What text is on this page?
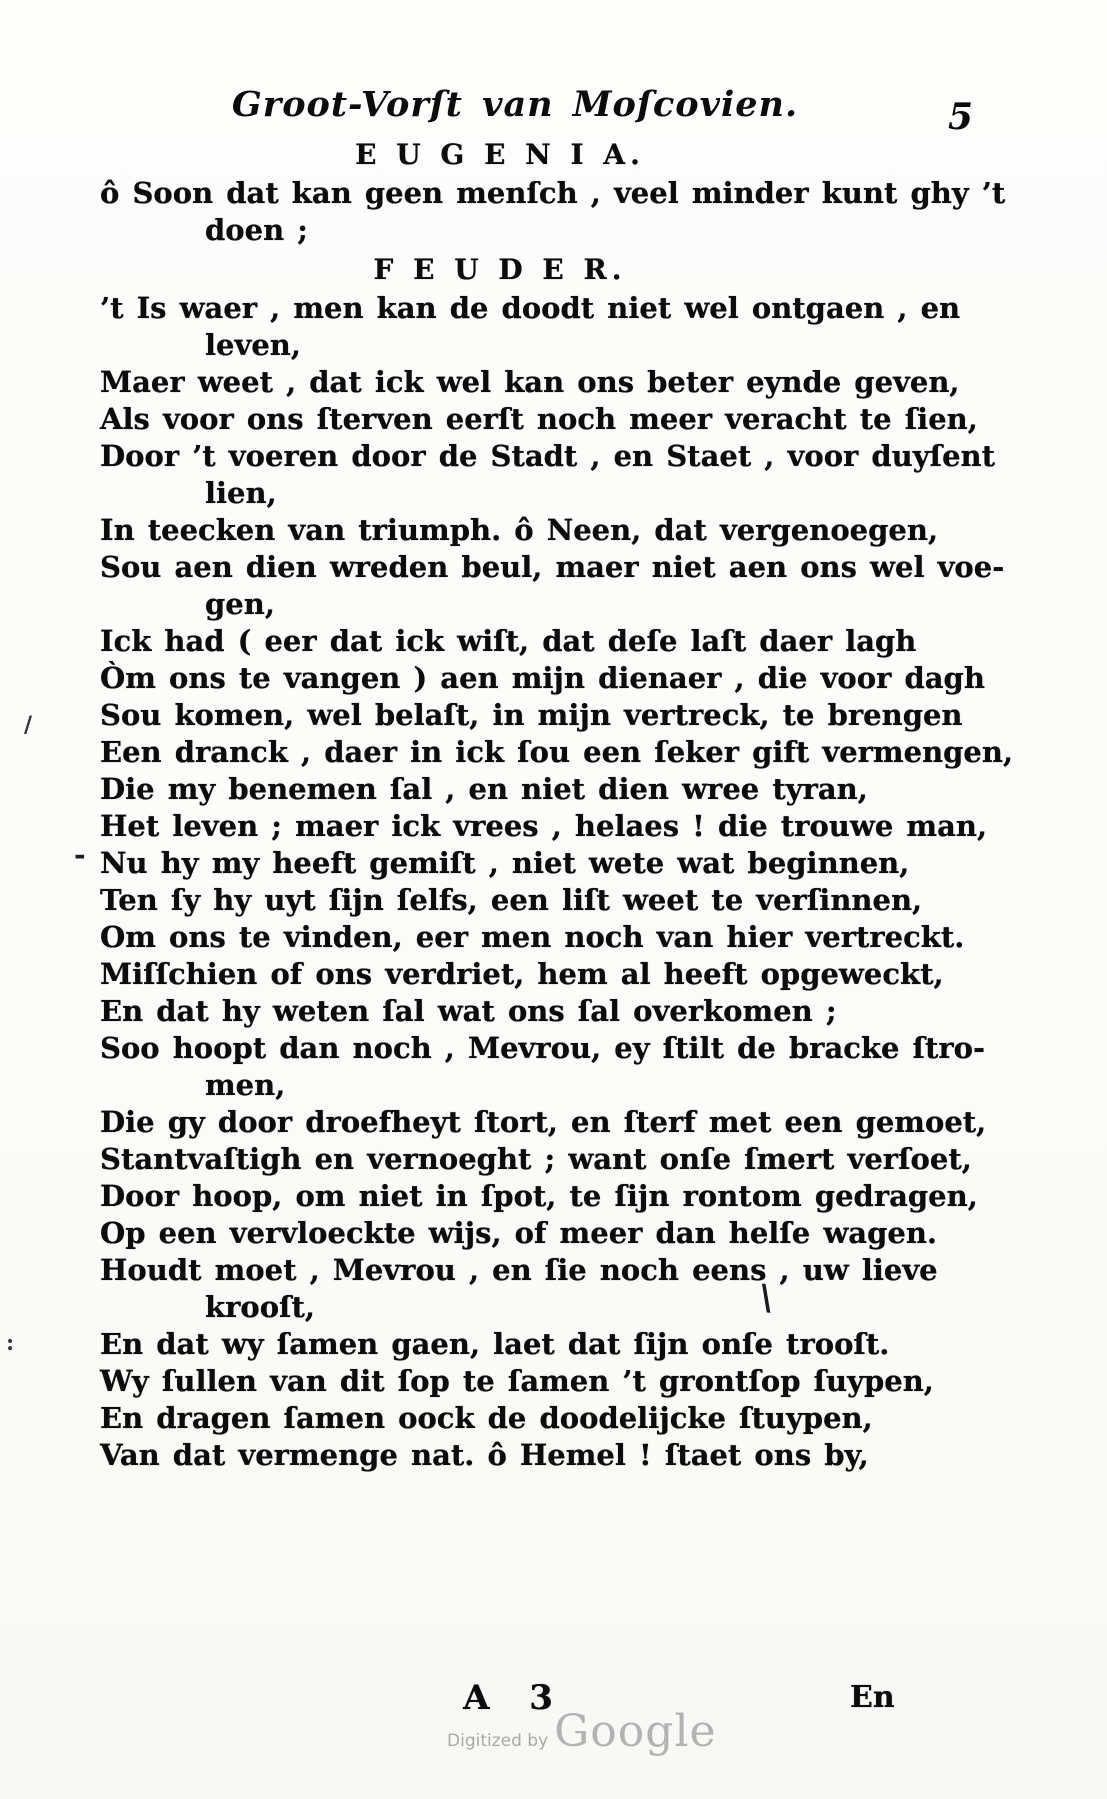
Groot-Vorſt van Moſcovien.	5
E U G E N I A.
ô Soon dat kan geen menſch , veel minder kunt ghy ’t
doen ;
F E U D E R.
’t Is waer , men kan de doodt niet wel ontgaen , en
leven,
Maer weet , dat ick wel kan ons beter eynde geven,
Als voor ons ſterven eerſt noch meer veracht te ſien,
Door ’t voeren door de Stadt , en Staet , voor duyſent
lien,
In teecken van triumph. ô Neen, dat vergenoegen,
Sou aen dien wreden beul, maer niet aen ons wel voe-
gen,
Ick had ( eer dat ick wiſt, dat deſe laſt daer lagh
Òm ons te vangen ) aen mijn dienaer , die voor dagh
Sou komen, wel belaſt, in mijn vertreck, te brengen
Een dranck , daer in ick ſou een ſeker gift vermengen,
Die my benemen ſal , en niet dien wree tyran,
Het leven ; maer ick vrees , helaes ! die trouwe man,
Nu hy my heeft gemiſt , niet wete wat beginnen,
Ten ſy hy uyt ſijn ſelfs, een liſt weet te verſinnen,
Om ons te vinden, eer men noch van hier vertreckt.
Miſſchien of ons verdriet, hem al heeft opgeweckt,
En dat hy weten ſal wat ons ſal overkomen ;
Soo hoopt dan noch , Mevrou, ey ſtilt de bracke ſtro-
men,
Die gy door droefheyt ſtort, en ſterf met een gemoet,
Stantvaſtigh en vernoeght ; want onſe ſmert verſoet,
Door hoop, om niet in ſpot, te ſijn rontom gedragen,
Op een vervloeckte wijs, of meer dan helſe wagen.
Houdt moet , Mevrou , en ſie noch eens , uw lieve
krooſt,
En dat wy ſamen gaen, laet dat ſijn onſe trooſt.
Wy ſullen van dit ſop te ſamen ’t grontſop ſuypen,
En dragen ſamen oock de doodelijcke ſtuypen,
Van dat vermenge nat. ô Hemel ! ſtaet ons by,
A 3	En
Digitized by Google
/
-
:
\
